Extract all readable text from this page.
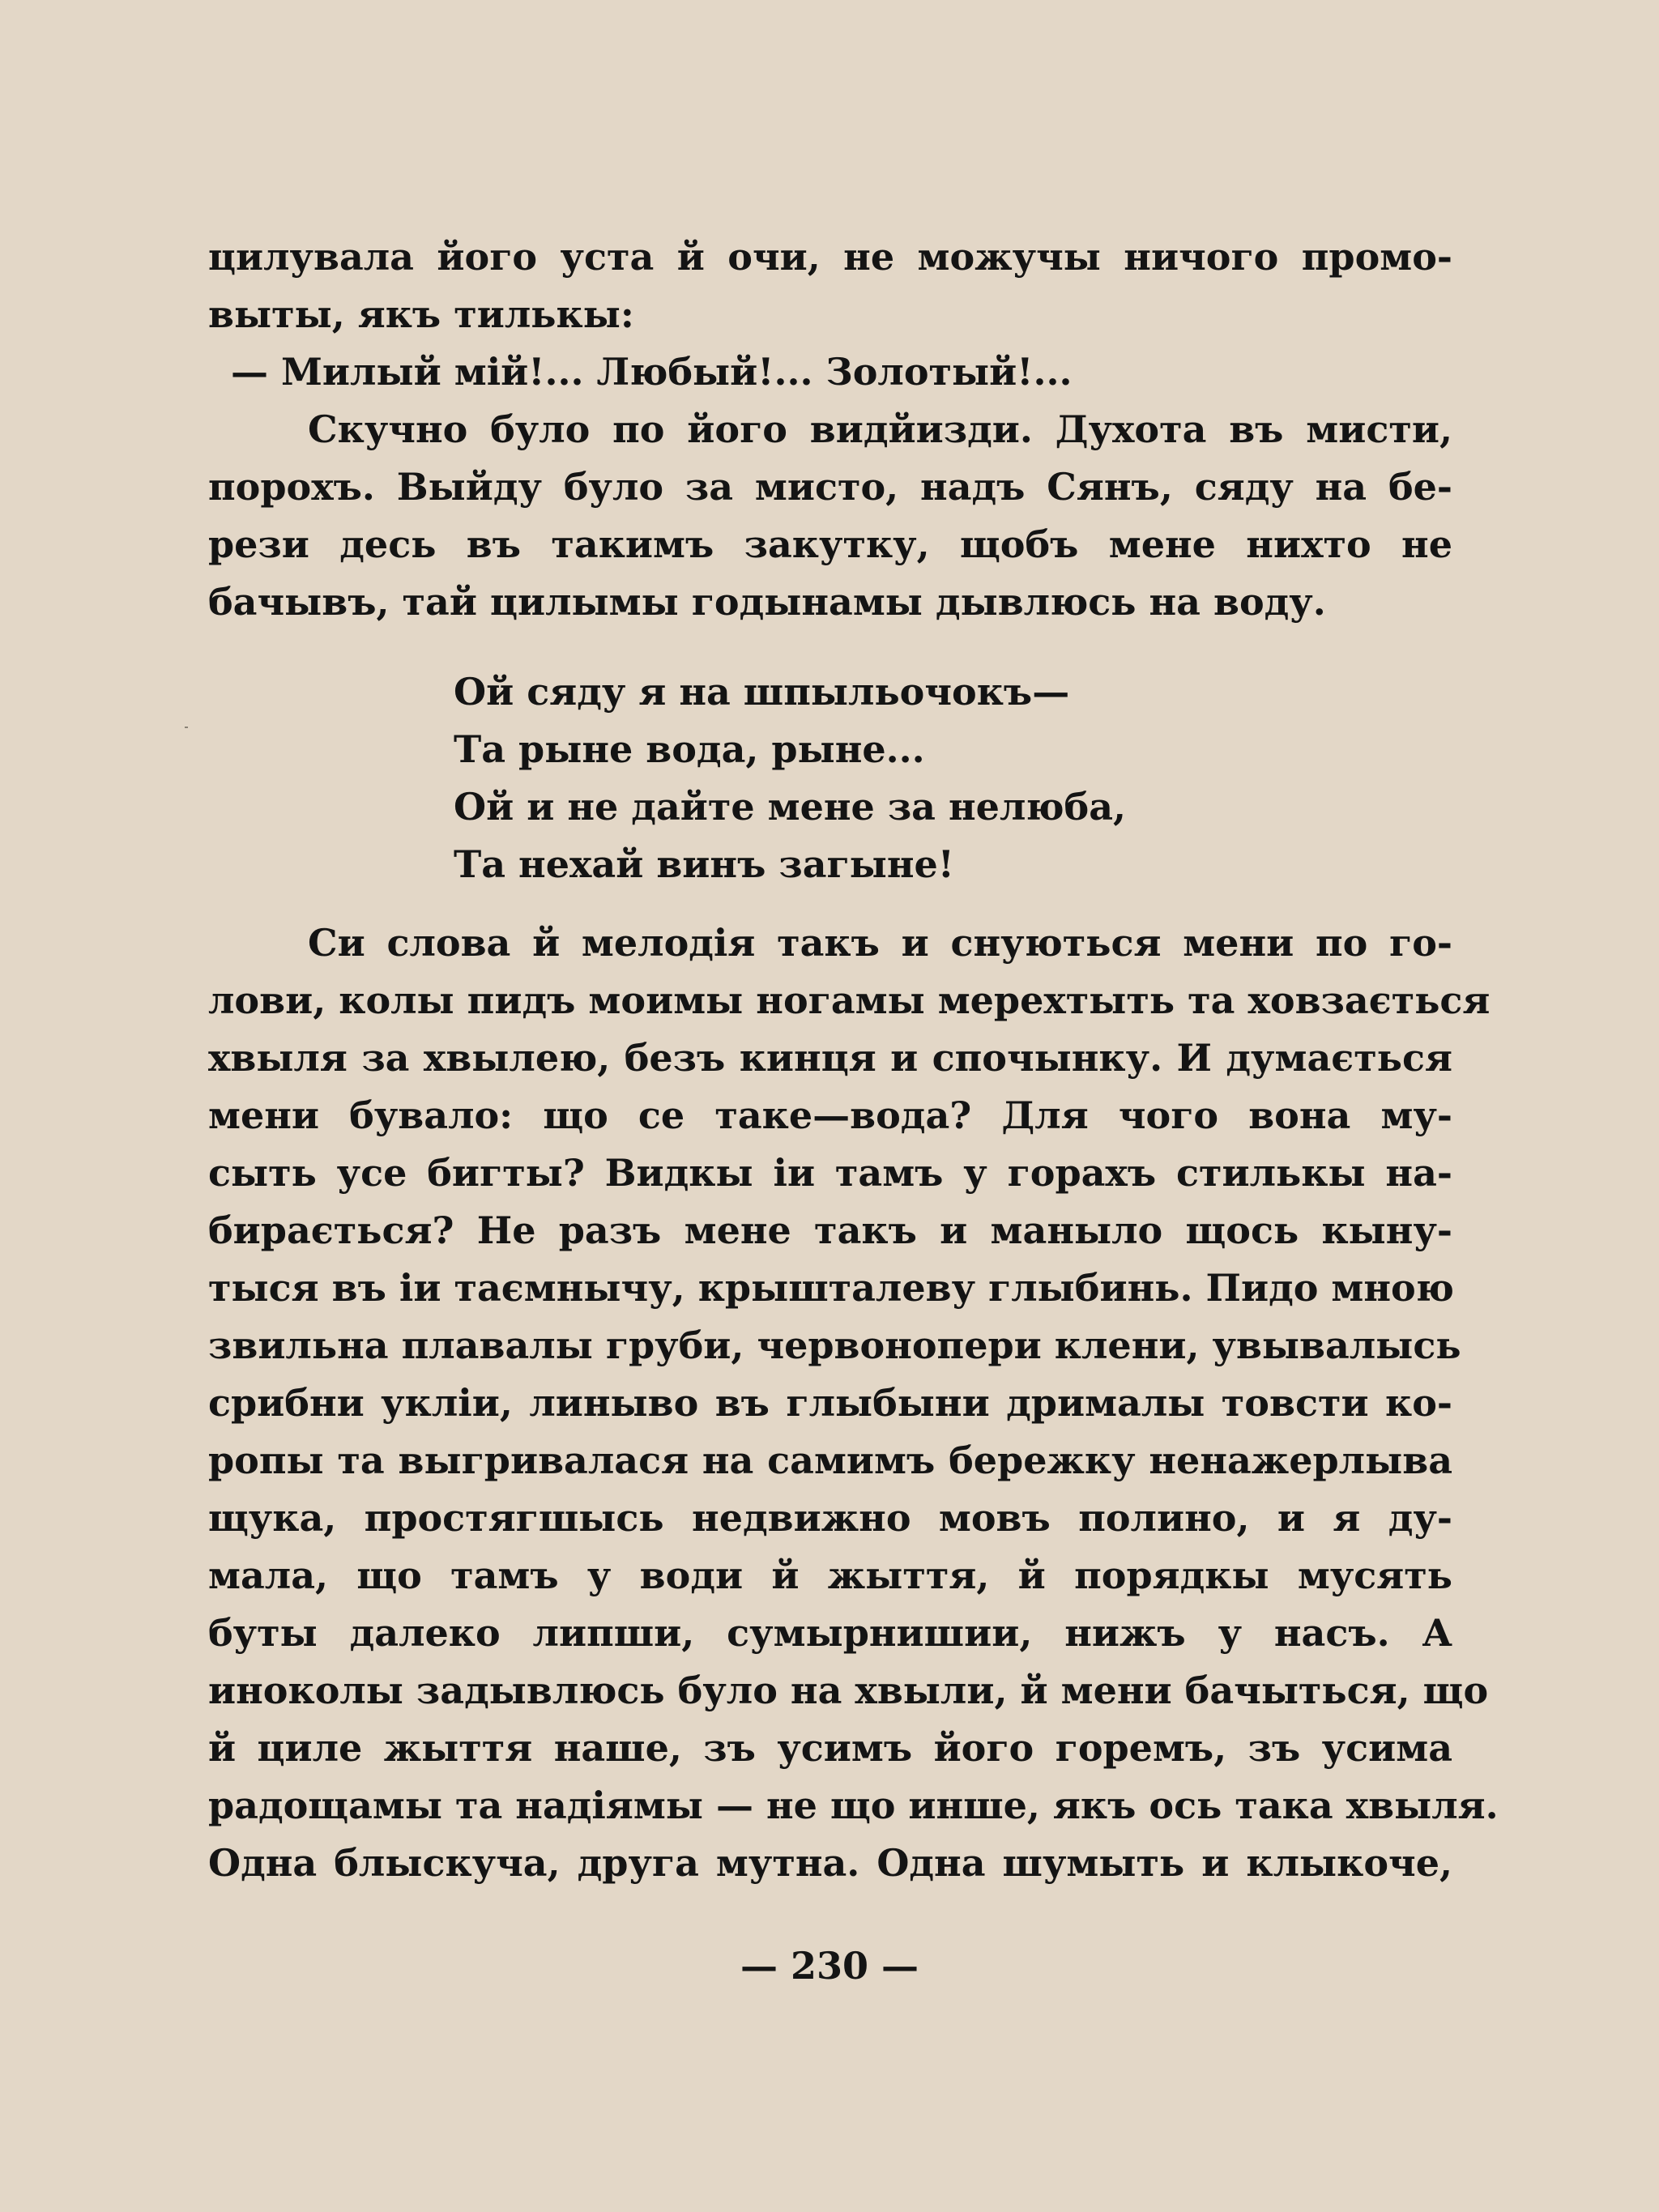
цилувала його уста й очи, не можучы ничого промо-
выты, якъ тилькы:
— Милый мій!... Любый!... Золотый!...
Скучно було по його видйизди. Духота въ мисти,
порохъ. Выйду було за мисто, надъ Сянъ, сяду на бе-
рези десь въ такимъ закутку, щобъ мене нихто не
бачывъ, тай цилымы годынамы дывлюсь на воду.
Ой сяду я на шпыльочокъ—
Та рыне вода, рыне...
Ой и не дайте мене за нелюба,
Та нехай винъ загыне!
Си слова й мелодія такъ и снуються мени по го-
лови, колы пидъ моимы ногамы мерехтыть та ховзається
хвыля за хвылею, безъ кинця и спочынку. И думається
мени бувало: що се таке—вода? Для чого вона му-
сыть усе бигты? Видкы іи тамъ у горахъ стилькы на-
бирається? Не разъ мене такъ и маныло щось кыну-
тыся въ іи таємнычу, крышталеву глыбинь. Пидо мною
звильна плавалы груби, червонопери клени, увывалысь
срибни укліи, линыво въ глыбыни дрималы товсти ко-
ропы та выгривалася на самимъ бережку ненажерлыва
щука, простягшысь недвижно мовъ полино, и я ду-
мала, що тамъ у води й жыття, й порядкы мусять
буты далеко липши, сумырнишии, нижъ у насъ. А
иноколы задывлюсь було на хвыли, й мени бачыться, що
й циле жыття наше, зъ усимъ його горемъ, зъ усима
радощамы та надіямы — не що инше, якъ ось така хвыля.
Одна блыскуча, друга мутна. Одна шумыть и клыкоче,
— 230 —
